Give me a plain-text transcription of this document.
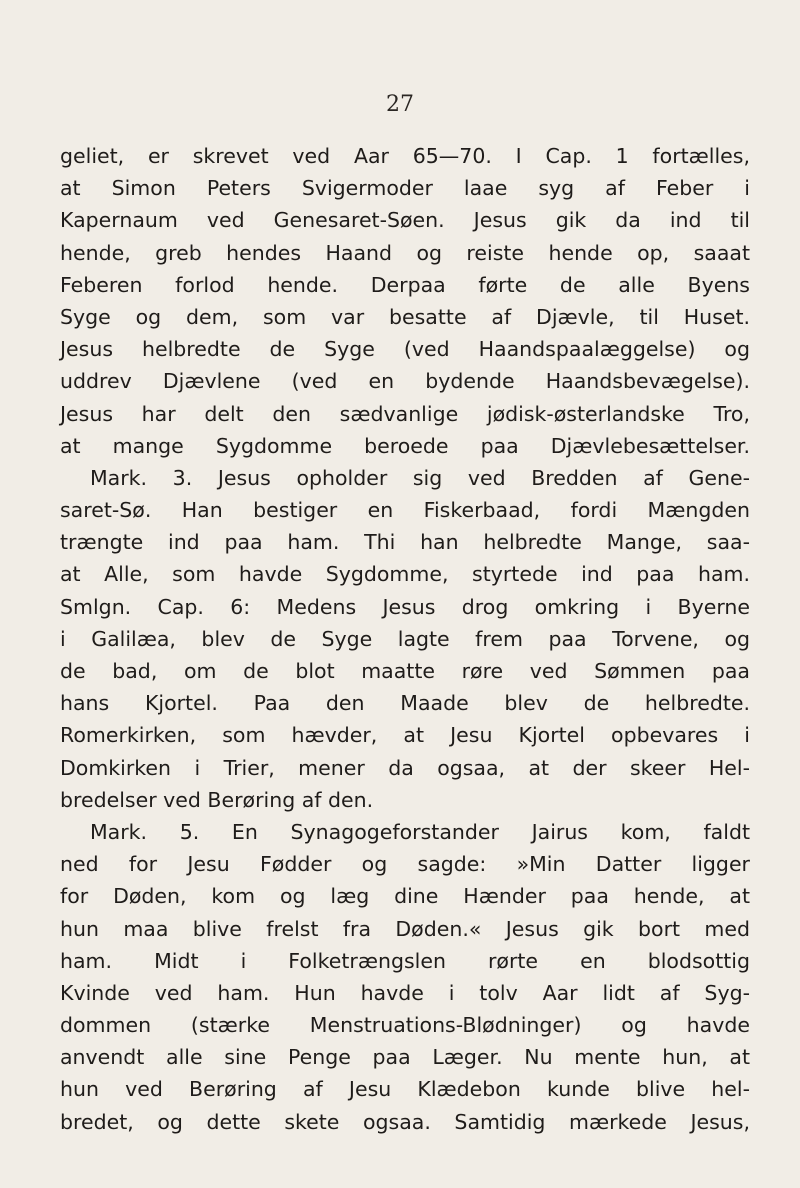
27
geliet, er skrevet ved Aar 65—70. I Cap. 1 fortælles,
at Simon Peters Svigermoder laae syg af Feber i
Kapernaum ved Genesaret-Søen. Jesus gik da ind til
hende, greb hendes Haand og reiste hende op, saaat
Feberen forlod hende. Derpaa førte de alle Byens
Syge og dem, som var besatte af Djævle, til Huset.
Jesus helbredte de Syge (ved Haandspaalæggelse) og
uddrev Djævlene (ved en bydende Haandsbevægelse).
Jesus har delt den sædvanlige jødisk-østerlandske Tro,
at mange Sygdomme beroede paa Djævlebesættelser.
Mark. 3. Jesus opholder sig ved Bredden af Gene-
saret-Sø. Han bestiger en Fiskerbaad, fordi Mængden
trængte ind paa ham. Thi han helbredte Mange, saa-
at Alle, som havde Sygdomme, styrtede ind paa ham.
Smlgn. Cap. 6: Medens Jesus drog omkring i Byerne
i Galilæa, blev de Syge lagte frem paa Torvene, og
de bad, om de blot maatte røre ved Sømmen paa
hans Kjortel. Paa den Maade blev de helbredte.
Romerkirken, som hævder, at Jesu Kjortel opbevares i
Domkirken i Trier, mener da ogsaa, at der skeer Hel-
bredelser ved Berøring af den.
Mark. 5. En Synagogeforstander Jairus kom, faldt
ned for Jesu Fødder og sagde: »Min Datter ligger
for Døden, kom og læg dine Hænder paa hende, at
hun maa blive frelst fra Døden.« Jesus gik bort med
ham. Midt i Folketrængslen rørte en blodsottig
Kvinde ved ham. Hun havde i tolv Aar lidt af Syg-
dommen (stærke Menstruations-Blødninger) og havde
anvendt alle sine Penge paa Læger. Nu mente hun, at
hun ved Berøring af Jesu Klædebon kunde blive hel-
bredet, og dette skete ogsaa. Samtidig mærkede Jesus,
